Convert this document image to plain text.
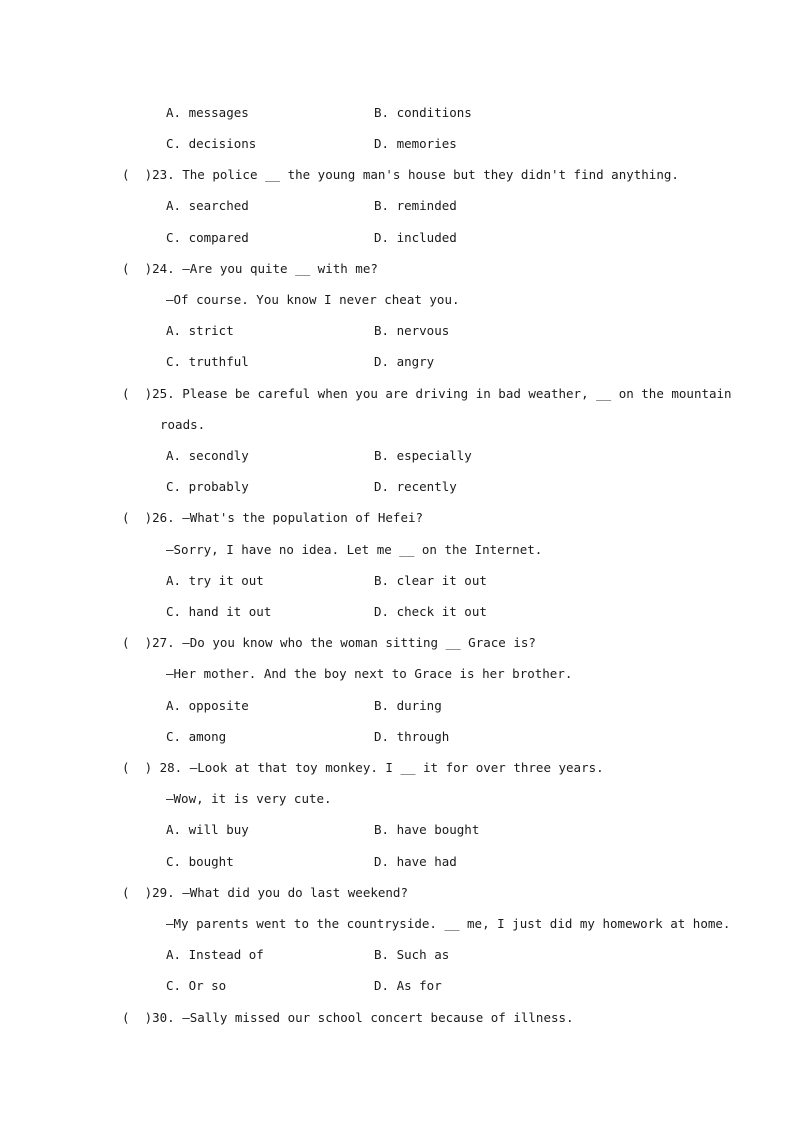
A. messages	B. conditions
C. decisions	D. memories
(  )23. The police __ the young man's house but they didn't find anything.
A. searched	B. reminded
C. compared	D. included
(  )24. —Are you quite __ with me?
—Of course. You know I never cheat you.
A. strict	B. nervous
C. truthful	D. angry
(  )25. Please be careful when you are driving in bad weather, __ on the mountain
roads.
A. secondly	B. especially
C. probably	D. recently
(  )26. —What's the population of Hefei?
—Sorry, I have no idea. Let me __ on the Internet.
A. try it out	B. clear it out
C. hand it out	D. check it out
(  )27. —Do you know who the woman sitting __ Grace is?
—Her mother. And the boy next to Grace is her brother.
A. opposite	B. during
C. among	D. through
(  ) 28. —Look at that toy monkey. I __ it for over three years.
—Wow, it is very cute.
A. will buy	B. have bought
C. bought	D. have had
(  )29. —What did you do last weekend?
—My parents went to the countryside. __ me, I just did my homework at home.
A. Instead of	B. Such as
C. Or so	D. As for
(  )30. —Sally missed our school concert because of illness.
